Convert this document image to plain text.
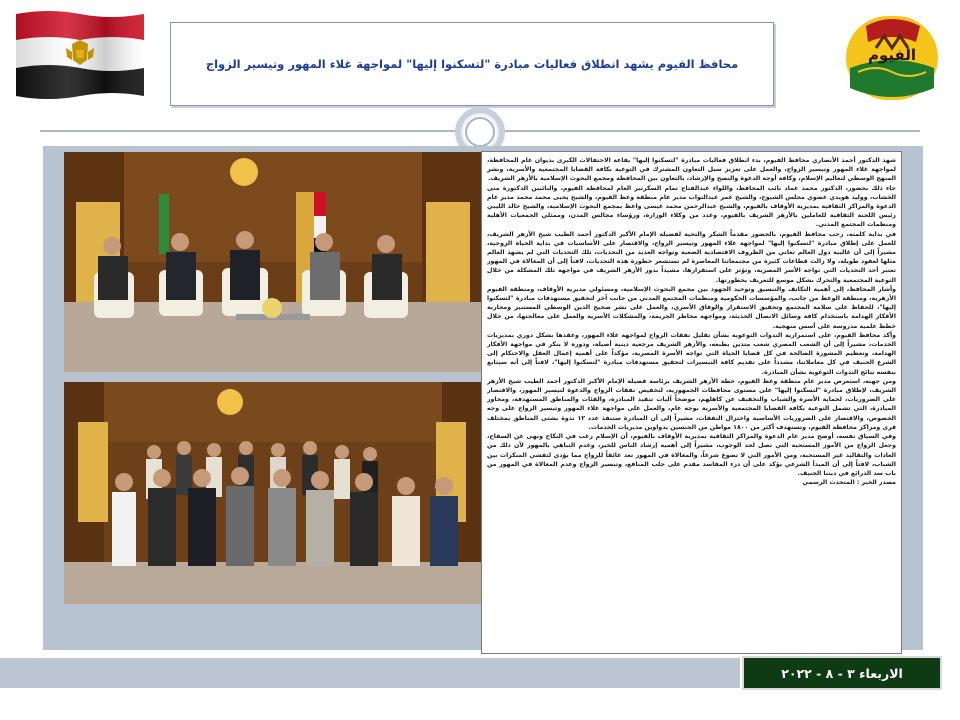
الفيوم
محافظ الفيوم يشهد انطلاق فعاليات مبادرة "لتسكنوا إليها" لمواجهة غلاء المهور وتيسير الزواج

شهد الدكتور أحمد الأنصاري محافظ الفيوم، بدء انطلاق فعاليات مبادرة "لتسكنوا إليها" بقاعة الاحتفالات الكبرى بديوان عام المحافظة، لمواجهة غلاء المهور وتيسير الزواج، والعمل على تعزيز سبل التعاون المشترك في التوعية بكافة القضايا المجتمعية والأسرية، ونشر المنهج الوسطي لتعاليم الإسلام، وكافة أوجه الدعوة والنصح والإرشاد، بالتعاون بين المحافظة ومجمع البحوث الإسلامية بالأزهر الشريف.

جاء ذلك بحضور، الدكتور محمد عماد نائب المحافظ، واللواء عبدالفتاح تمام السكرتير العام لمحافظة الفيوم، والنائبين الدكتورة منى الخشاب، ووليد هويدي عضوي مجلس الشيوخ، والشيخ عمر عبدالتواب مدير عام منطقة وعظ الفيوم، والشيخ يحيى محمد محمد مدير عام الدعوة والمراكز الثقافية بمديرية الأوقاف بالفيوم، والشيخ عبدالرحمن محمد عيسى واعظ بمجمع البحوث الإسلامية، والشيخ خالد الليبي رئيس اللجنة الثقافية للعاملين بالأزهر الشريف بالفيوم، وعدد من وكلاء الوزارة، ورؤساء مجالس المدن، وممثلي الجمعيات الأهلية ومنظمات المجتمع المدني.

في بداية كلمته، رحب محافظ الفيوم، بالحضور مقدماً الشكر والتحية لفضيلة الإمام الأكبر الدكتور أحمد الطيب شيخ الأزهر الشريف، للعمل على إطلاق مبادرة "لتسكنوا إليها" لمواجهة غلاء المهور وتيسير الزواج، والاقتصار على الأساسيات في بداية الحياة الزوجية، مشيراً إلى أن غالبية دول العالم تعاني من الظروف الاقتصادية الصعبة وتواجه العديد من التحديات، تلك التحديات التي لم يشهد العالم مثلها لعقود طويلة، ولا زالت قطاعات كثيرة من مجتمعاتنا المعاصرة لم تستشعر خطورة هذه التحديات، لافتاً إلى أن المغالاة في المهور تعتبر أحد التحديات التي تواجه الأسر المصرية، وتؤثر على استقرارها، مشيداً بدور الأزهر الشريف في مواجهة تلك المشكلة من خلال التوعية المجتمعية والتحرك بشكل موسع للتعريف بخطورتها.

وأشار المحافظ، إلى أهمية التكاتف والتنسيق وتوحيد الجهود بين مجمع البحوث الإسلامية، ومسئولي مديرية الأوقاف، ومنطقة الفيوم الأزهرية، ومنطقة الوعظ من جانب، والمؤسسات الحكومية ومنظمات المجتمع المدني من جانب آخر لتحقيق مستهدفات مبادرة "لتسكنوا إليها"، للحفاظ على سلامة المجتمع وتحقيق الاستقرار والوفاق الأسري، والعمل على نشر صحيح الدين الوسطي المستنير ومحاربة الأفكار الهدامة باستخدام كافة وسائل الاتصال الحديثة، ومواجهة مخاطر الجريمة، والمشكلات الأسرية والعمل على معالجتها، من خلال خطط علمية مدروسة على أسس منهجية.

وأكد محافظ الفيوم، على استمرارية الندوات التوعوية بشأن تقليل نفقات الزواج لمواجهة غلاء المهور، وعقدها بشكل دوري بمديريات الخدمات، مشيراً إلى أن الشعب المصري شعب متدين بطبعه، والأزهر الشريف مرجعية دينية أصيلة، ودوره لا ينكر في مواجهة الأفكار الهدامة، وتعظيم المشورة الصالحة في كل قضايا الحياة التي تواجه الأسرة المصرية، مؤكداً على أهمية إعمال العقل والاحتكام إلى الشرع الحنيف في كل معاملاتنا، مشدداً على تقديم كافة التيسيرات لتحقيق مستهدفات مبادرة "لتسكنوا إليها"، لافتاً إلى أنه سيتابع بنفسه نتائج الندوات التوعوية بشأن المبادرة.

ومن جهته، استعرض مدير عام منطقة وعظ الفيوم، خطة الأزهر الشريف برئاسة فضيلة الإمام الأكبر الدكتور أحمد الطيب شيخ الأزهر الشريف، لإطلاق مبادرة "لتسكنوا إليها" على مستوى محافظات الجمهورية، لتخفيض نفقات الزواج والدعوة لتيسير المهور، والاقتصار على الضروريات، لحماية الأسرة والشباب والتخفيف عن كاهلهم، موضحاً آليات تنفيذ المبادرة، والفئات والمناطق المستهدفة، ومحاور المبادرة، التي تشمل التوعية بكافة القضايا المجتمعية والأسرية بوجه عام، والعمل على مواجهة غلاء المهور وتيسير الزواج على وجه الخصوص، والاقتصار على الضروريات الأساسية واختزال النفقات، مشيراً إلى أن المبادرة ستنفذ عدد ١٢ ندوة بشتى المناطق بمختلف قرى ومراكز محافظة الفيوم، وتستهدف أكثر من ١٨٠٠ مواطن من الجنسين بدواوين مديريات الخدمات.

وفي السياق نفسه، أوضح مدير عام الدعوة والمراكز الثقافية بمديرية الأوقاف بالفيوم، أن الإسلام رغب في النكاح ونهى عن السفاح، وجعل الزواج من الأمور المستحبة التي تصل لحد الوجوب، مشيراً إلى أهمية إرشاد الناس للخير، وعدم التباهي بالمهور لأن ذلك من العادات والتقاليد غير المستحبة، ومن الأمور التي لا تصوغ شرعاً، والمغالاة في المهور تعد عائقاً للزواج مما يؤدي لتفشي المنكرات بين الشباب، لافتاً إلى أن المبدأ الشرعي يؤكد على أن درء المفاسد مقدم على جلب المنافع، وتيسير الزواج وعدم المغالاة في المهور من باب سد الذرائع في ديننا الحنيف.

مصدر الخبر : المتحدث الرسمي

الاربعاء ٣ - ٨ - ٢٠٢٢
